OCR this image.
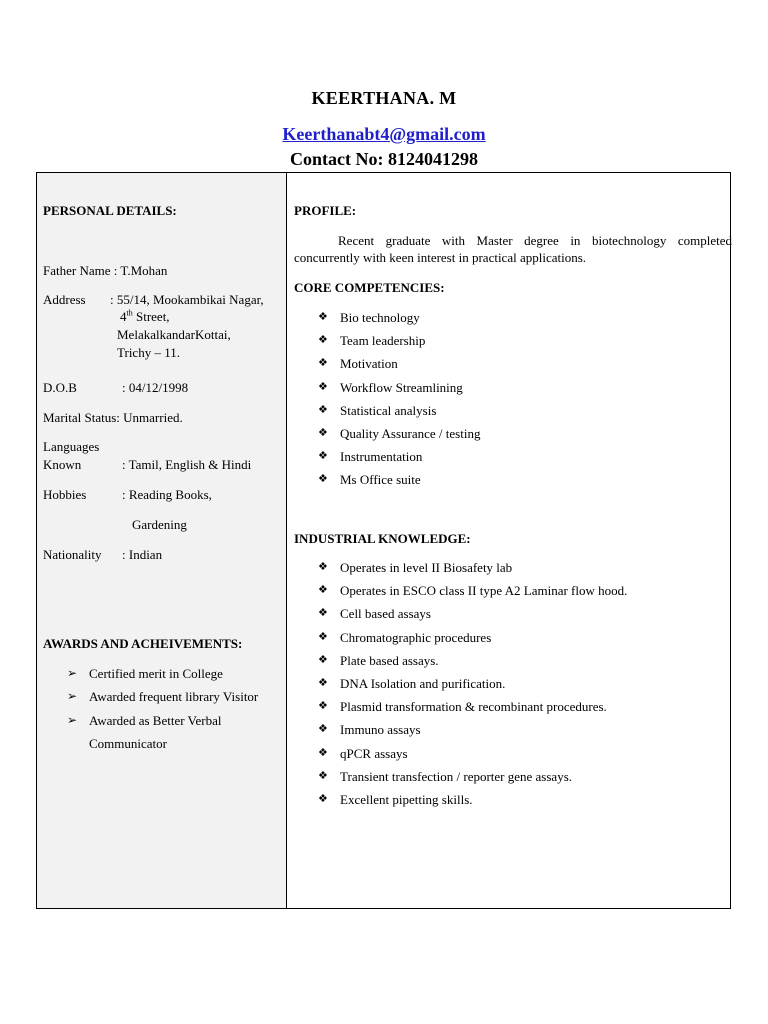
KEERTHANA. M
Keerthanabt4@gmail.com
Contact No: 8124041298
PERSONAL DETAILS:
Father Name : T.Mohan
Address : 55/14, Mookambikai Nagar,
4th Street,
MelakalkandarKottai,
Trichy – 11.
D.O.B	: 04/12/1998
Marital Status: Unmarried.
Languages
Known	: Tamil, English & Hindi
Hobbies	: Reading Books,
Gardening
Nationality : Indian
AWARDS AND ACHEIVEMENTS:
➢ Certified merit in College
➢ Awarded frequent library Visitor
➢ Awarded as Better Verbal
Communicator
PROFILE:
Recent graduate with Master degree in biotechnology completed concurrently with keen interest in practical applications.
CORE COMPETENCIES:
❖ Bio technology
❖ Team leadership
❖ Motivation
❖ Workflow Streamlining
❖ Statistical analysis
❖ Quality Assurance / testing
❖ Instrumentation
❖ Ms Office suite
INDUSTRIAL KNOWLEDGE:
❖ Operates in level II Biosafety lab
❖ Operates in ESCO class II type A2 Laminar flow hood.
❖ Cell based assays
❖ Chromatographic procedures
❖ Plate based assays.
❖ DNA Isolation and purification.
❖ Plasmid transformation & recombinant procedures.
❖ Immuno assays
❖ qPCR assays
❖ Transient transfection / reporter gene assays.
❖ Excellent pipetting skills.
